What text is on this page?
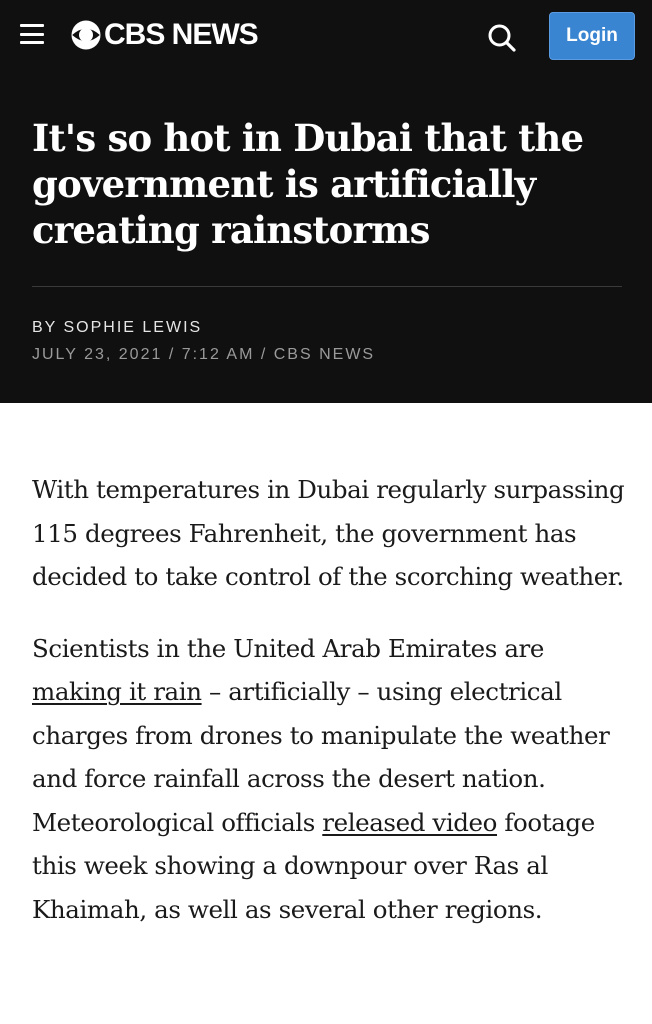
CBS NEWS	Login
It's so hot in Dubai that the government is artificially creating rainstorms
BY SOPHIE LEWIS
JULY 23, 2021 / 7:12 AM / CBS NEWS

With temperatures in Dubai regularly surpassing 115 degrees Fahrenheit, the government has decided to take control of the scorching weather.

Scientists in the United Arab Emirates are making it rain – artificially – using electrical charges from drones to manipulate the weather and force rainfall across the desert nation. Meteorological officials released video footage this week showing a downpour over Ras al Khaimah, as well as several other regions.
